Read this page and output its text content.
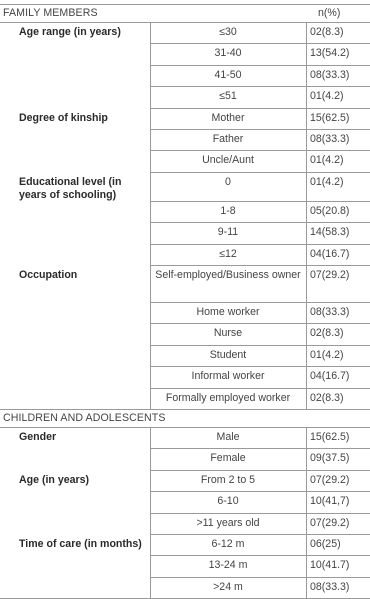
FAMILY MEMBERS	n(%)
Age range (in years)	≤30	02(8.3)
31-40	13(54.2)
41-50	08(33.3)
≤51	01(4.2)
Degree of kinship	Mother	15(62.5)
Father	08(33.3)
Uncle/Aunt	01(4.2)
Educational level (in years of schooling)
0	01(4.2)
1-8	05(20.8)
9-11	14(58.3)
≤12	04(16.7)
Occupation	Self-employed/Business owner 07(29.2)
Home worker	08(33.3)
Nurse	02(8.3)
Student	01(4.2)
Informal worker	04(16.7)
Formally employed worker	02(8.3)
CHILDREN AND ADOLESCENTS
Gender	Male	15(62.5)
Female	09(37.5)
Age (in years)	From 2 to 5	07(29.2)
6-10	10(41,7)
>11 years old	07(29.2)
Time of care (in months)	6-12 m	06(25)
13-24 m	10(41.7)
>24 m	08(33.3)
